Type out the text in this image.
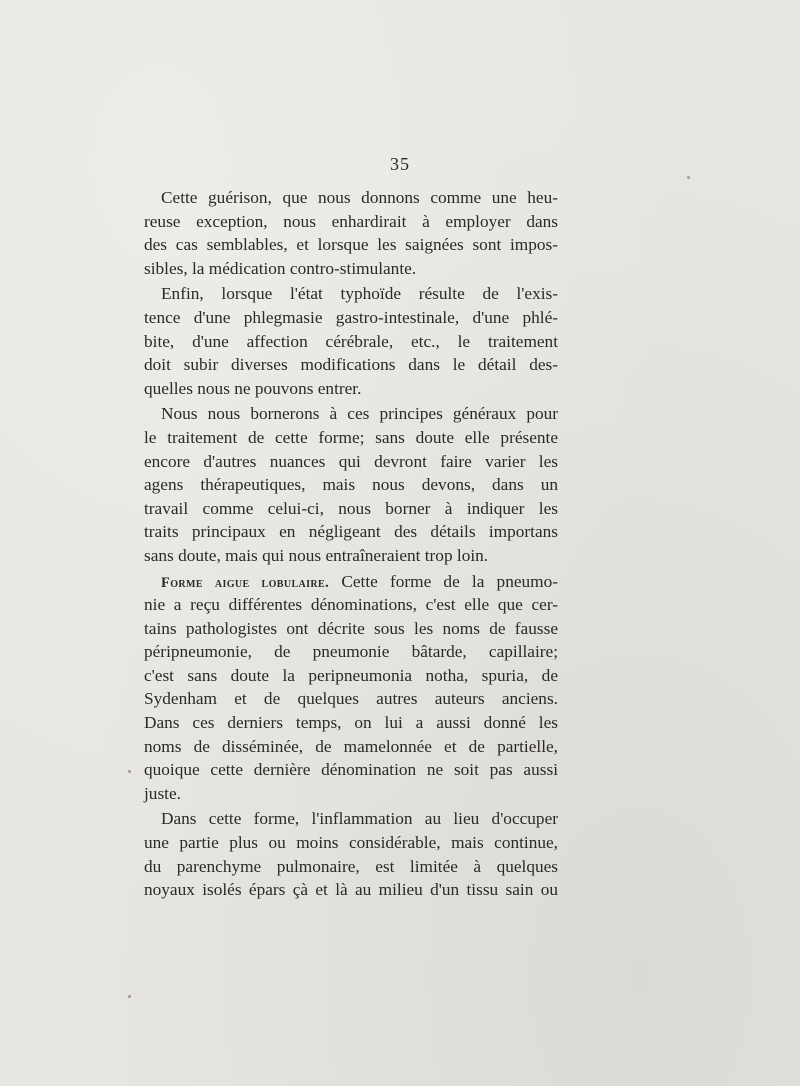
35
Cette guérison, que nous donnons comme une heu-
reuse exception, nous enhardirait à employer dans
des cas semblables, et lorsque les saignées sont impos-
sibles, la médication contro-stimulante.
Enfin, lorsque l'état typhoïde résulte de l'exis-
tence d'une phlegmasie gastro-intestinale, d'une phlé-
bite, d'une affection cérébrale, etc., le traitement
doit subir diverses modifications dans le détail des-
quelles nous ne pouvons entrer.
Nous nous bornerons à ces principes généraux pour
le traitement de cette forme; sans doute elle présente
encore d'autres nuances qui devront faire varier les
agens thérapeutiques, mais nous devons, dans un
travail comme celui-ci, nous borner à indiquer les
traits principaux en négligeant des détails importans
sans doute, mais qui nous entraîneraient trop loin.
Forme aigue lobulaire. Cette forme de la pneumo-
nie a reçu différentes dénominations, c'est elle que cer-
tains pathologistes ont décrite sous les noms de fausse
péripneumonie, de pneumonie bâtarde, capillaire;
c'est sans doute la peripneumonia notha, spuria, de
Sydenham et de quelques autres auteurs anciens.
Dans ces derniers temps, on lui a aussi donné les
noms de disséminée, de mamelonnée et de partielle,
quoique cette dernière dénomination ne soit pas aussi
juste.
Dans cette forme, l'inflammation au lieu d'occuper
une partie plus ou moins considérable, mais continue,
du parenchyme pulmonaire, est limitée à quelques
noyaux isolés épars çà et là au milieu d'un tissu sain ou
